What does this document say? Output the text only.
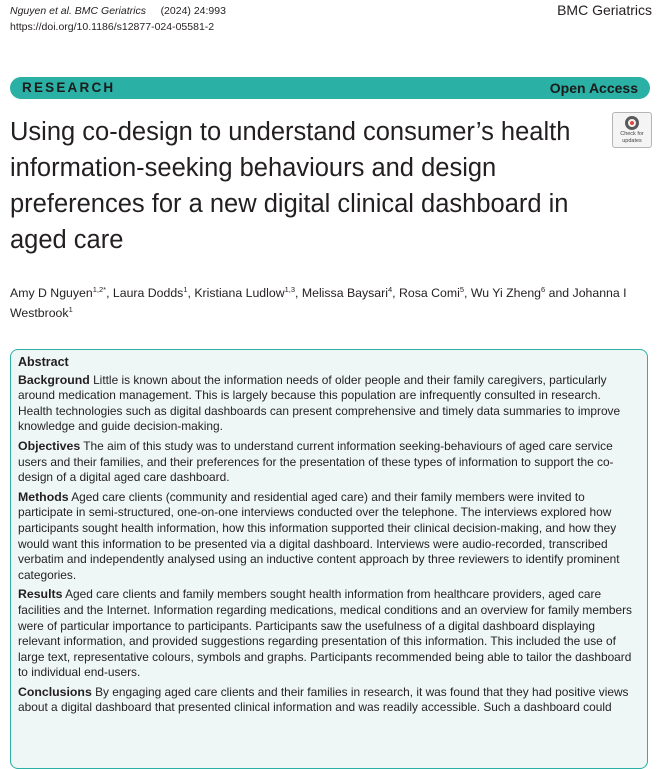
Nguyen et al. BMC Geriatrics (2024) 24:993
https://doi.org/10.1186/s12877-024-05581-2
BMC Geriatrics
RESEARCH	Open Access
Using co-design to understand consumer’s health information-seeking behaviours and design preferences for a new digital clinical dashboard in aged care
Check for
updates
Amy D Nguyen$^{1,2*}$, Laura Dodds$^1$, Kristiana Ludlow$^{1,3}$, Melissa Baysari$^4$, Rosa Comi$^5$, Wu Yi Zheng$^6$ and Johanna I Westbrook$^1$
Abstract

Background Little is known about the information needs of older people and their family caregivers, particularly around medication management. This is largely because this population are infrequently consulted in research. Health technologies such as digital dashboards can present comprehensive and timely data summaries to improve knowledge and guide decision-making.

Objectives The aim of this study was to understand current information seeking-behaviours of aged care service users and their families, and their preferences for the presentation of these types of information to support the co-design of a digital aged care dashboard.

Methods Aged care clients (community and residential aged care) and their family members were invited to participate in semi-structured, one-on-one interviews conducted over the telephone. The interviews explored how participants sought health information, how this information supported their clinical decision-making, and how they would want this information to be presented via a digital dashboard. Interviews were audio-recorded, transcribed verbatim and independently analysed using an inductive content approach by three reviewers to identify prominent categories.

Results Aged care clients and family members sought health information from healthcare providers, aged care facilities and the Internet. Information regarding medications, medical conditions and an overview for family members were of particular importance to participants. Participants saw the usefulness of a digital dashboard displaying relevant information, and provided suggestions regarding presentation of this information. This included the use of large text, representative colours, symbols and graphs. Participants recommended being able to tailor the dashboard to individual end-users.

Conclusions By engaging aged care clients and their families in research, it was found that they had positive views about a digital dashboard that presented clinical information and was readily accessible. Such a dashboard could
